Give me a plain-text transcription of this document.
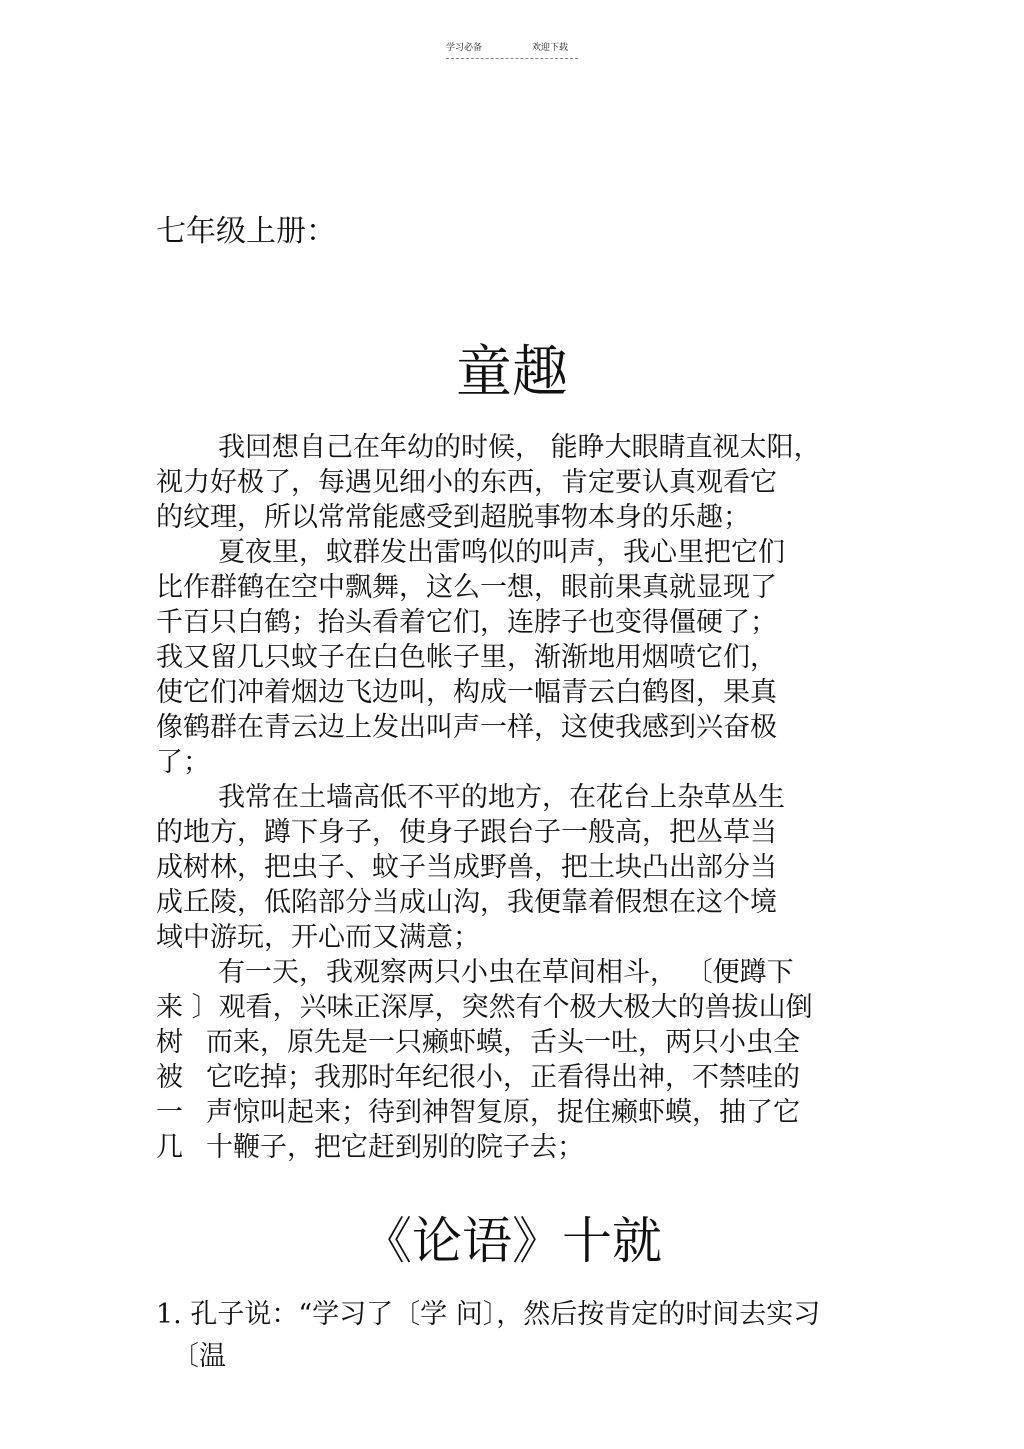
学习必备	欢迎下载
七年级上册：
童趣
我回想自己在年幼的时候， 能睁大眼睛直视太阳，
视力好极了，每遇见细小的东西，肯定要认真观看它
的纹理，所以常常能感受到超脱事物本身的乐趣；
夏夜里，蚊群发出雷鸣似的叫声，我心里把它们
比作群鹤在空中飘舞，这么一想，眼前果真就显现了
千百只白鹤；抬头看着它们，连脖子也变得僵硬了；
我又留几只蚊子在白色帐子里，渐渐地用烟喷它们，
使它们冲着烟边飞边叫，构成一幅青云白鹤图，果真
像鹤群在青云边上发出叫声一样，这使我感到兴奋极
了；
我常在土墙高低不平的地方，在花台上杂草丛生
的地方，蹲下身子，使身子跟台子一般高，把丛草当
成树林，把虫子、蚊子当成野兽，把土块凸出部分当
成丘陵，低陷部分当成山沟，我便靠着假想在这个境
域中游玩，开心而又满意；
有一天，我观察两只小虫在草间相斗， 〔便蹲下
来 〕观看，兴味正深厚，突然有个极大极大的兽拔山倒
树 而来，原先是一只癞虾蟆，舌头一吐，两只小虫全
被 它吃掉；我那时年纪很小，正看得出神，不禁哇的
一 声惊叫起来；待到神智复原，捉住癞虾蟆，抽了它
几 十鞭子，把它赶到别的院子去；
《论语》十就
1. 孔子说：“学习了〔学 问〕，然后按肯定的时间去实习
〔温
